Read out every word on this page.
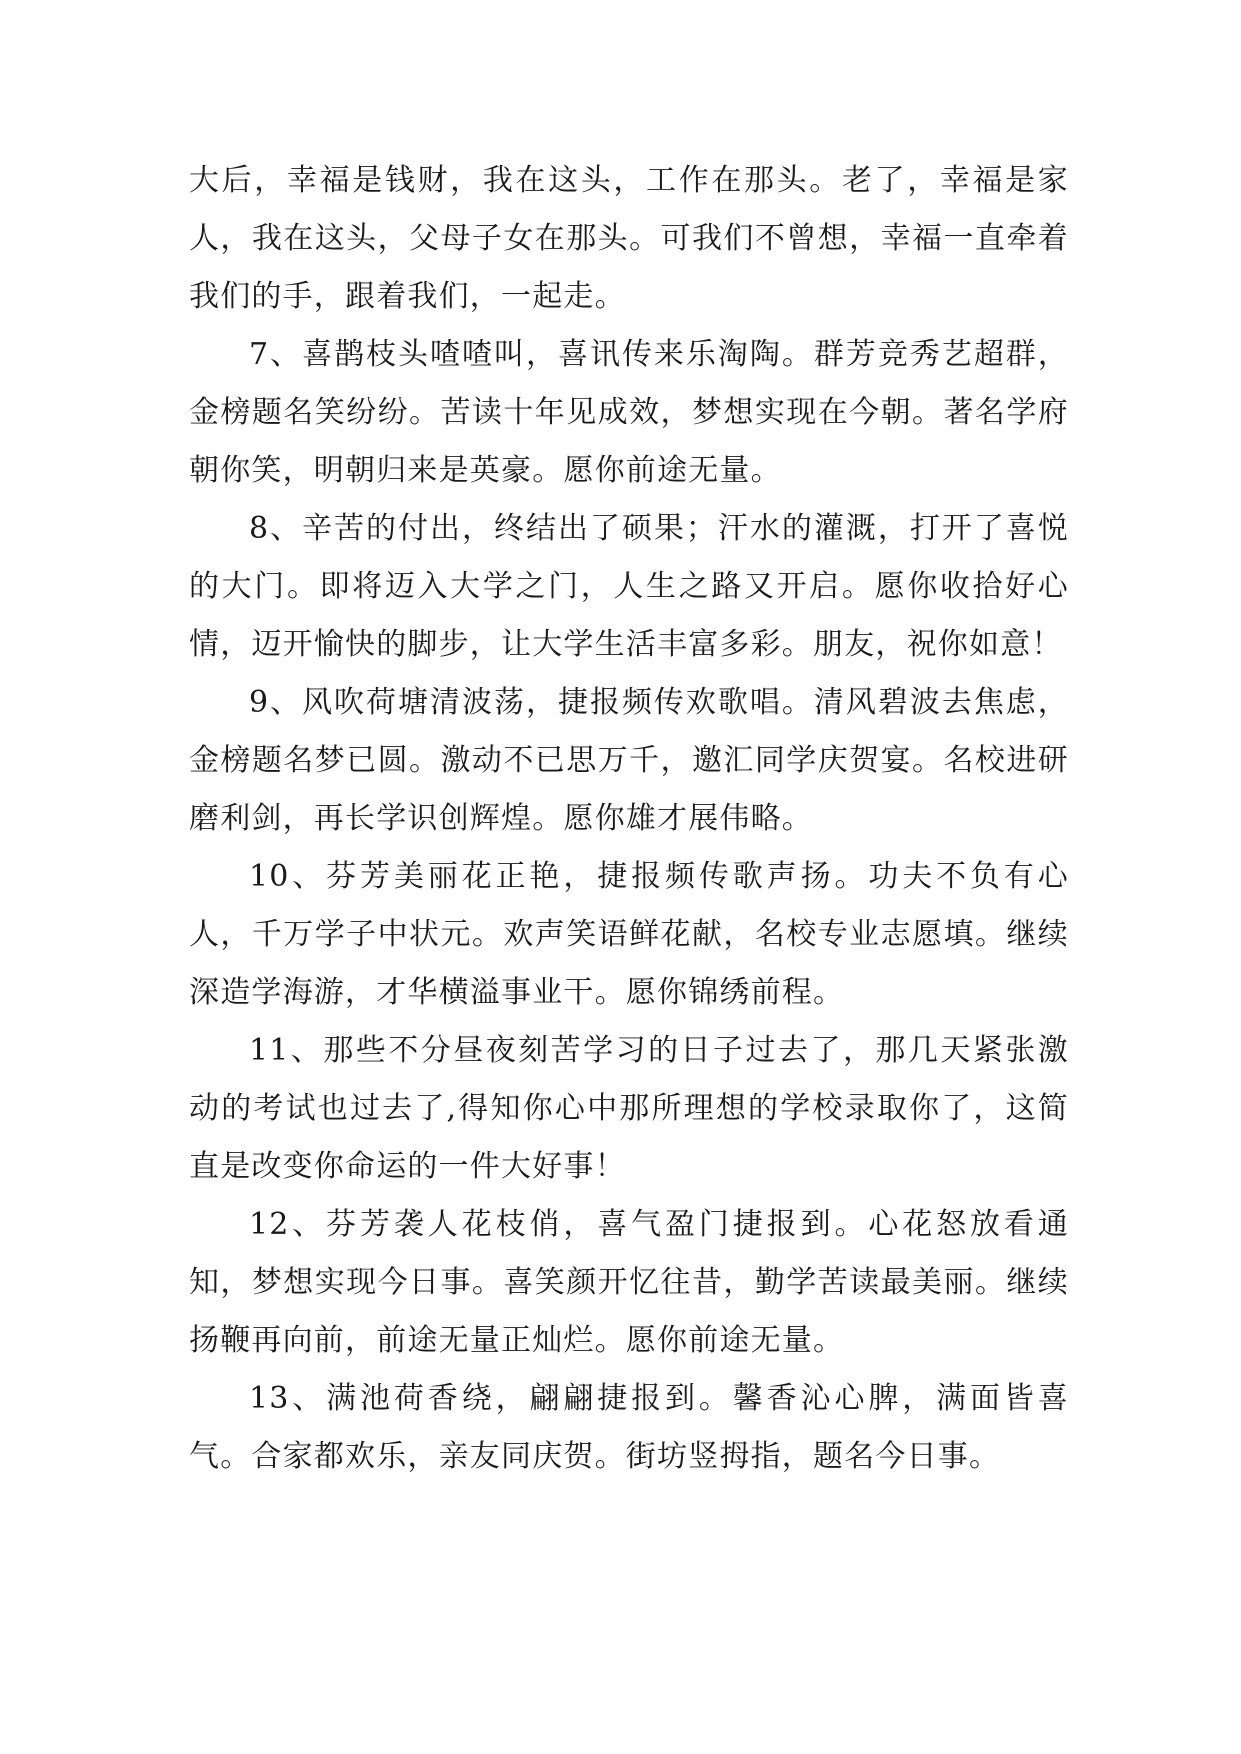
大后，幸福是钱财，我在这头，工作在那头。老了，幸福是家人，我在这头，父母子女在那头。可我们不曾想，幸福一直牵着我们的手，跟着我们，一起走。

7、喜鹊枝头喳喳叫，喜讯传来乐淘陶。群芳竞秀艺超群，金榜题名笑纷纷。苦读十年见成效，梦想实现在今朝。著名学府朝你笑，明朝归来是英豪。愿你前途无量。

8、辛苦的付出，终结出了硕果；汗水的灌溉，打开了喜悦的大门。即将迈入大学之门，人生之路又开启。愿你收拾好心情，迈开愉快的脚步，让大学生活丰富多彩。朋友，祝你如意！

9、风吹荷塘清波荡，捷报频传欢歌唱。清风碧波去焦虑，金榜题名梦已圆。激动不已思万千，邀汇同学庆贺宴。名校进研磨利剑，再长学识创辉煌。愿你雄才展伟略。

10、芬芳美丽花正艳，捷报频传歌声扬。功夫不负有心人，千万学子中状元。欢声笑语鲜花献，名校专业志愿填。继续深造学海游，才华横溢事业干。愿你锦绣前程。

11、那些不分昼夜刻苦学习的日子过去了，那几天紧张激动的考试也过去了,得知你心中那所理想的学校录取你了，这简直是改变你命运的一件大好事！

12、芬芳袭人花枝俏，喜气盈门捷报到。心花怒放看通知，梦想实现今日事。喜笑颜开忆往昔，勤学苦读最美丽。继续扬鞭再向前，前途无量正灿烂。愿你前途无量。

13、满池荷香绕，翩翩捷报到。馨香沁心脾，满面皆喜气。合家都欢乐，亲友同庆贺。街坊竖拇指，题名今日事。
